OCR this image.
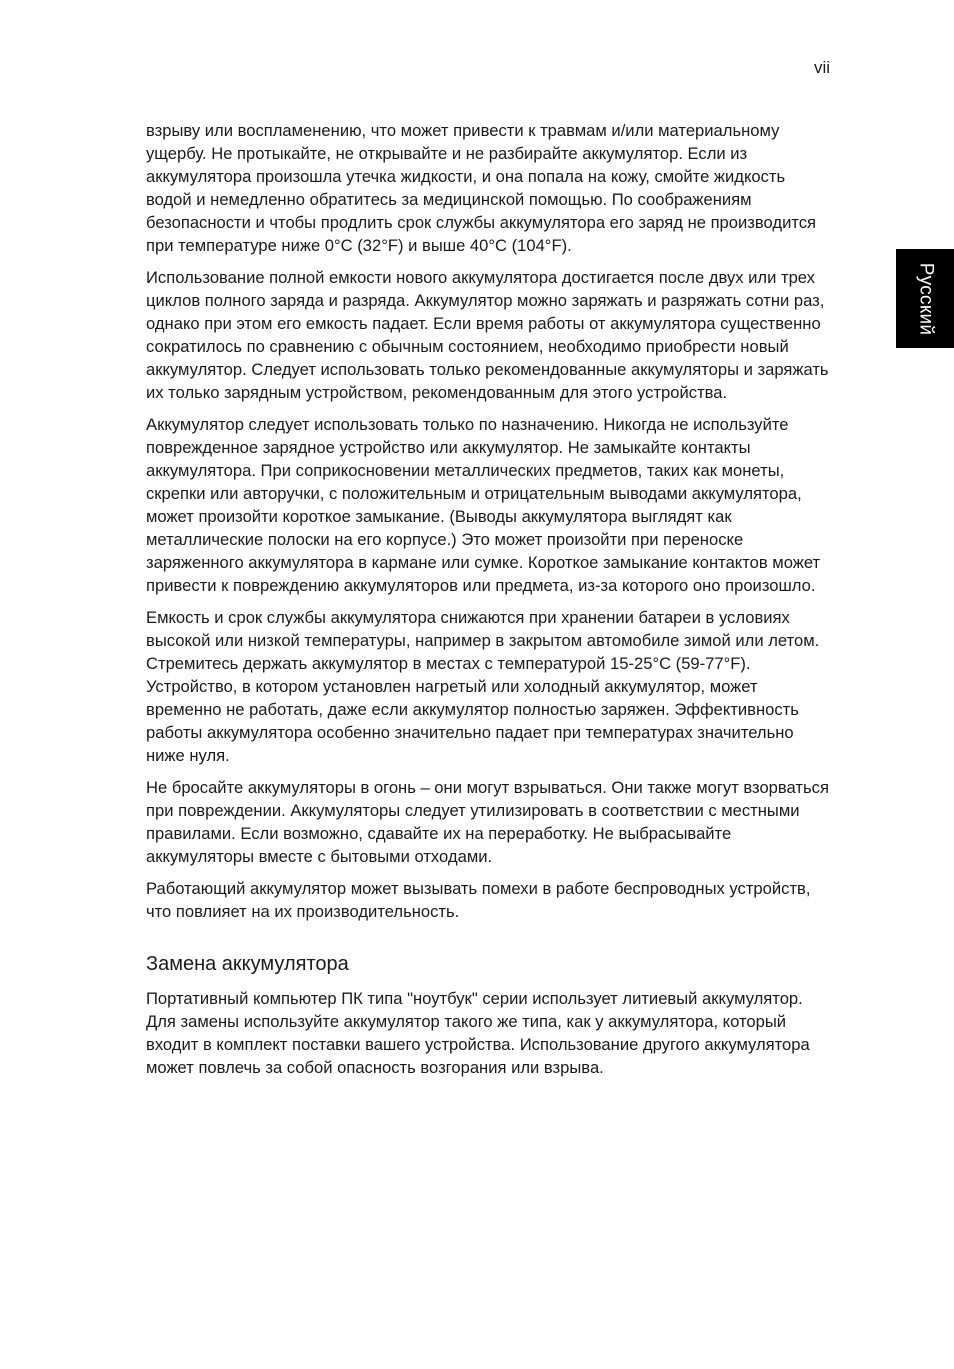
vii
Русский

взрыву или воспламенению, что может привести к травмам и/или материальному ущербу. Не протыкайте, не открывайте и не разбирайте аккумулятор. Если из аккумулятора произошла утечка жидкости, и она попала на кожу, смойте жидкость водой и немедленно обратитесь за медицинской помощью. По соображениям безопасности и чтобы продлить срок службы аккумулятора его заряд не производится при температуре ниже 0°C (32°F) и выше 40°C (104°F).

Использование полной емкости нового аккумулятора достигается после двух или трех циклов полного заряда и разряда. Аккумулятор можно заряжать и разряжать сотни раз, однако при этом его емкость падает. Если время работы от аккумулятора существенно сократилось по сравнению с обычным состоянием, необходимо приобрести новый аккумулятор. Следует использовать только рекомендованные аккумуляторы и заряжать их только зарядным устройством, рекомендованным для этого устройства.

Аккумулятор следует использовать только по назначению. Никогда не используйте поврежденное зарядное устройство или аккумулятор. Не замыкайте контакты аккумулятора. При соприкосновении металлических предметов, таких как монеты, скрепки или авторучки, с положительным и отрицательным выводами аккумулятора, может произойти короткое замыкание. (Выводы аккумулятора выглядят как металлические полоски на его корпусе.) Это может произойти при переноске заряженного аккумулятора в кармане или сумке. Короткое замыкание контактов может привести к повреждению аккумуляторов или предмета, из-за которого оно произошло.

Емкость и срок службы аккумулятора снижаются при хранении батареи в условиях высокой или низкой температуры, например в закрытом автомобиле зимой или летом. Стремитесь держать аккумулятор в местах с температурой 15-25°C (59-77°F). Устройство, в котором установлен нагретый или холодный аккумулятор, может временно не работать, даже если аккумулятор полностью заряжен. Эффективность работы аккумулятора особенно значительно падает при температурах значительно ниже нуля.

Не бросайте аккумуляторы в огонь – они могут взрываться. Они также могут взорваться при повреждении. Аккумуляторы следует утилизировать в соответствии с местными правилами. Если возможно, сдавайте их на переработку. Не выбрасывайте аккумуляторы вместе с бытовыми отходами.

Работающий аккумулятор может вызывать помехи в работе беспроводных устройств, что повлияет на их производительность.

Замена аккумулятора

Портативный компьютер ПК типа "ноутбук" серии использует литиевый аккумулятор. Для замены используйте аккумулятор такого же типа, как у аккумулятора, который входит в комплект поставки вашего устройства. Использование другого аккумулятора может повлечь за собой опасность возгорания или взрыва.
